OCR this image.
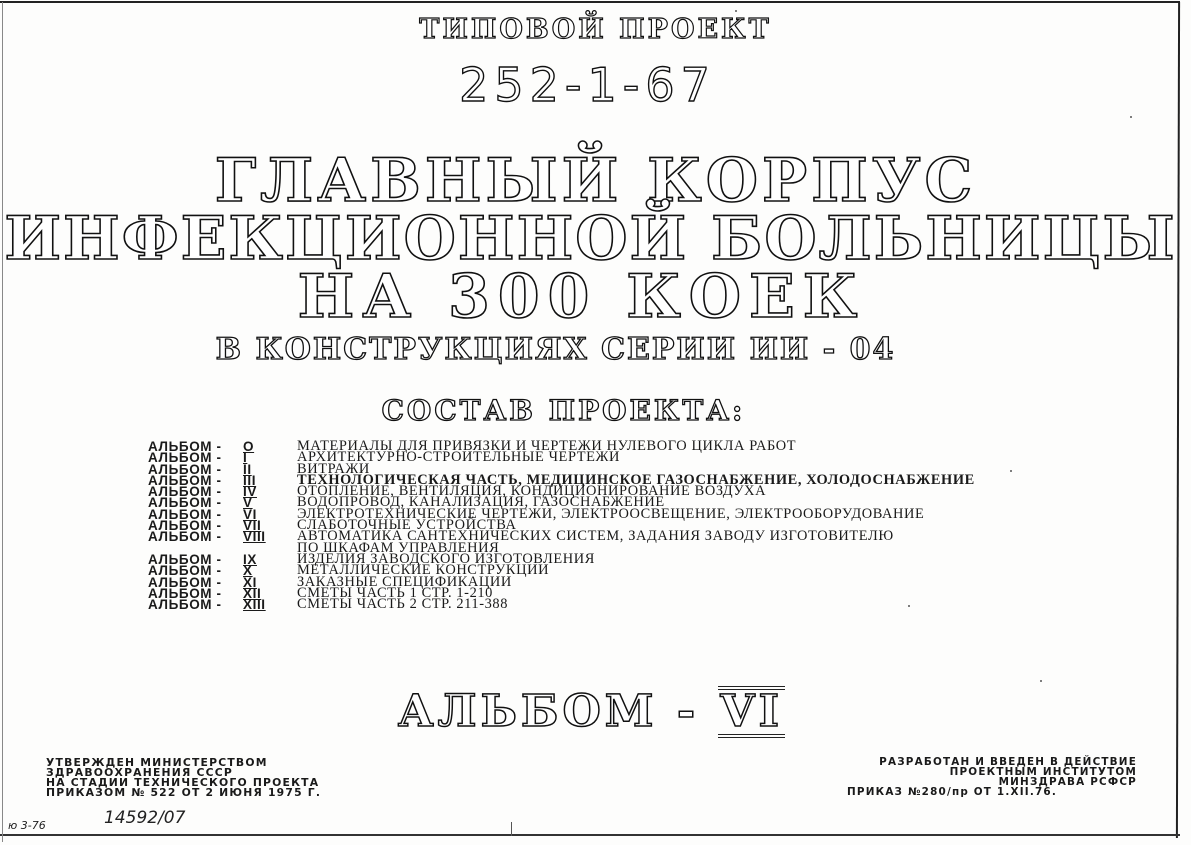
ТИПОВОЙ ПРОЕКТ
252-1-67
ГЛАВНЫЙ КОРПУС
ИНФЕКЦИОННОЙ БОЛЬНИЦЫ
НА 300 КОЕК
В КОНСТРУКЦИЯХ СЕРИИ ИИ - 04
СОСТАВ ПРОЕКТА:
АЛЬБОМ -	O	МАТЕРИАЛЫ ДЛЯ ПРИВЯЗКИ И ЧЕРТЕЖИ НУЛЕВОГО ЦИКЛА РАБОТ
АЛЬБОМ -	I	АРХИТЕКТУРНО-СТРОИТЕЛЬНЫЕ ЧЕРТЕЖИ
АЛЬБОМ -	II	ВИТРАЖИ
АЛЬБОМ -	III	ТЕХНОЛОГИЧЕСКАЯ ЧАСТЬ, МЕДИЦИНСКОЕ ГАЗОСНАБЖЕНИЕ, ХОЛОДОСНАБЖЕНИЕ
АЛЬБОМ -	IV	ОТОПЛЕНИЕ, ВЕНТИЛЯЦИЯ, КОНДИЦИОНИРОВАНИЕ ВОЗДУХА
АЛЬБОМ -	V	ВОДОПРОВОД, КАНАЛИЗАЦИЯ, ГАЗОСНАБЖЕНИЕ
АЛЬБОМ -	VI	ЭЛЕКТРОТЕХНИЧЕСКИЕ ЧЕРТЕЖИ, ЭЛЕКТРООСВЕЩЕНИЕ, ЭЛЕКТРООБОРУДОВАНИЕ
АЛЬБОМ -	VII СЛАБОТОЧНЫЕ УСТРОЙСТВА
АЛЬБОМ -	VIII АВТОМАТИКА САНТЕХНИЧЕСКИХ СИСТЕМ, ЗАДАНИЯ ЗАВОДУ ИЗГОТОВИТЕЛЮ
ПО ШКАФАМ УПРАВЛЕНИЯ
АЛЬБОМ -	IX	ИЗДЕЛИЯ ЗАВОДСКОГО ИЗГОТОВЛЕНИЯ
АЛЬБОМ -	X	МЕТАЛЛИЧЕСКИЕ КОНСТРУКЦИИ
АЛЬБОМ -	XI	ЗАКАЗНЫЕ СПЕЦИФИКАЦИИ
АЛЬБОМ -	XII СМЕТЫ ЧАСТЬ 1 СТР. 1-210
АЛЬБОМ -	XIII СМЕТЫ ЧАСТЬ 2 СТР. 211-388
АЛЬБОМ - VI
УТВЕРЖДЕН МИНИСТЕРСТВОМ
ЗДРАВООХРАНЕНИЯ СССР
НА СТАДИИ ТЕХНИЧЕСКОГО ПРОЕКТА
ПРИКАЗОМ № 522 ОТ 2 ИЮНЯ 1975 Г.
РАЗРАБОТАН И ВВЕДЕН В ДЕЙСТВИЕ
ПРОЕКТНЫМ ИНСТИТУТОМ
МИНЗДРАВА РСФСР
ПРИКАЗ №280/пр ОТ 1.XII.76.
ю 3-76	14592/07
